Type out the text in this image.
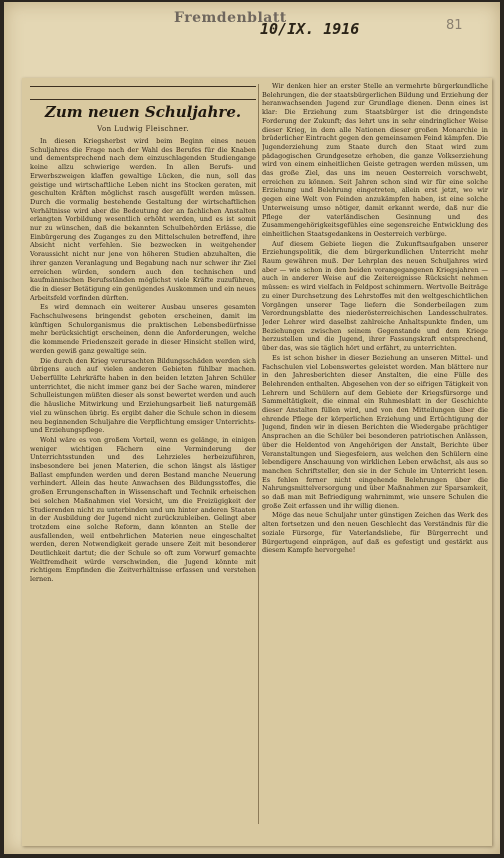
Fremdenblatt
10/IX. 1916	81
Zum neuen Schuljahre.
Von Ludwig Fleischner.

In diesen Kriegsherbst wird beim Beginn eines neuen Schuljahres die Frage nach der Wahl des Berufes für die Knaben und dementsprechend nach dem einzuschlagenden Studiengange keine allzu schwierige werden. In allen Berufs- und Erwerbszweigen klaffen gewaltige Lücken, die nun, soll das geistige und wirtschaftliche Leben nicht ins Stocken geraten, mit geschulten Kräften möglichst rasch ausgefüllt werden müssen. Durch die vormalig bestehende Gestaltung der wirtschaftlichen Verhältnisse wird aber die Bedeutung der an fachlichen Anstalten erlangten Vorbildung wesentlich erhöht werden, und es ist somit nur zu wünschen, daß die bekannten Schulbehörden Erlässe, die Einbürgerung des Zuganges zu den Mittelschulen betreffend, ihre Absicht nicht verfehlen. Sie bezwecken in weitgehender Voraussicht nicht nur jene von höheren Studien abzuhalten, die ihrer ganzen Veranlagung und Begabung nach nur schwer ihr Ziel erreichen würden, sondern auch den technischen und kaufmännischen Berufsständen möglichst viele Kräfte zuzuführen, die in dieser Betätigung ein genügendes Auskommen und ein neues Arbeitsfeld vorfinden dürften.

Es wird demnach ein weiterer Ausbau unseres gesamten Fachschulwesens bringendst geboten erscheinen, damit im künftigen Schulorganismus die praktischen Lebensbedürfnisse mehr berücksichtigt erscheinen, denn die Anforderungen, welche die kommende Friedenszeit gerade in dieser Hinsicht stellen wird, werden gewiß ganz gewaltige sein.

Die durch den Krieg verursachten Bildungsschäden werden sich übrigens auch auf vielen anderen Gebieten fühlbar machen. Ueberfüllte Lehrkräfte haben in den beiden letzten Jahren Schüler unterrichtet, die nicht immer ganz bei der Sache waren, minderer Schulleistungen müßten dieser als sonst bewertet werden und auch die häusliche Mitwirkung und Erziehungsarbeit ließ naturgemäß viel zu wünschen übrig. Es ergibt daher die Schule schon in diesem neu beginnenden Schuljahre die Verpflichtung emsiger Unterrichts- und Erziehungspflege.

Wohl wäre es von großem Vorteil, wenn es gelänge, in einigen weniger wichtigen Fächern eine Verminderung der Unterrichtsstunden und des Lehrzieles herbeizuführen, insbesondere bei jenen Materien, die schon längst als lästiger Ballast empfunden werden und deren Bestand manche Neuerung verhindert. Allein das heute Anwachsen des Bildungsstoffes, die großen Errungenschaften in Wissenschaft und Technik erheischen bei solchen Maßnahmen viel Vorsicht, um die Freizügigkeit der Studierenden nicht zu unterbinden und um hinter anderen Staaten in der Ausbildung der Jugend nicht zurückzubleiben. Gelingt aber trotzdem eine solche Reform, dann könnten an Stelle der ausfallenden, weil entbehrlichen Materien neue eingeschaltet werden, deren Notwendigkeit gerade unsere Zeit mit besonderer Deutlichkeit dartut; die der Schule so oft zum Vorwurf gemachte Weltfremdheit würde verschwinden, die Jugend könnte mit richtigem Empfinden die Zeitverhältnisse erfassen und verstehen lernen.

Wir denken hier an erster Stelle an vermehrte bürgerkundliche Belehrungen, die der staatsbürgerlichen Bildung und Erziehung der heranwachsenden Jugend zur Grundlage dienen. Denn eines ist klar: Die Erziehung zum Staatsbürger ist die dringendste Forderung der Zukunft; das lehrt uns in sehr eindringlicher Weise dieser Krieg, in dem alle Nationen dieser großen Monarchie in brüderlicher Eintracht gegen den gemeinsamen Feind kämpfen. Die Jugenderziehung zum Staate durch den Staat wird zum pädagogischen Grundgesetze erhoben, die ganze Volkserziehung wird von einem einheitlichen Geiste getragen werden müssen, um das große Ziel, das uns im neuen Oesterreich vorschwebt, erreichen zu können. Seit Jahren schon sind wir für eine solche Erziehung und Belehrung eingetreten, allein erst jetzt, wo wir gegen eine Welt von Feinden anzukämpfen haben, ist eine solche Unterweisung umso nötiger, damit erkannt werde, daß nur die Pflege der vaterländischen Gesinnung und des Zusammengehörigkeitsgefühles eine segensreiche Entwicklung des einheitlichen Staatsgedankens in Oesterreich verbürge.

Auf diesem Gebiete liegen die Zukunftsaufgaben unserer Erziehungspolitik, die dem bürgerkundlichen Unterricht mehr Raum gewähren muß. Der Lehrplan des neuen Schuljahres wird aber — wie schon in den beiden vorangegangenen Kriegsjahren — auch in anderer Weise auf die Zeitereignisse Rücksicht nehmen müssen: es wird vielfach in Feldpost schimmern. Wertvolle Beiträge zu einer Durchsetzung des Lehrstoffes mit den weltgeschichtlichen Vorgängen unserer Tage liefern die Sonderbeilagen zum Verordnungsblatte des niederösterreichischen Landesschulrates. Jeder Lehrer wird daselbst zahlreiche Anhaltspunkte finden, um Beziehungen zwischen seinem Gegenstande und dem Kriege herzustellen und die Jugend, ihrer Fassungskraft entsprechend, über das, was sie täglich hört und erfährt, zu unterrichten.

Es ist schon bisher in dieser Beziehung an unseren Mittel- und Fachschulen viel Lobenswertes geleistet worden. Man blättere nur in den Jahresberichten dieser Anstalten, die eine Fülle des Belehrenden enthalten. Abgesehen von der so eifrigen Tätigkeit von Lehrern und Schülern auf dem Gebiete der Kriegsfürsorge und Sammeltätigkeit, die einmal ein Ruhmesblatt in der Geschichte dieser Anstalten füllen wird, und von den Mitteilungen über die ehrende Pflege der körperlichen Erziehung und Ertüchtigung der Jugend, finden wir in diesen Berichten die Wiedergabe prächtiger Ansprachen an die Schüler bei besonderen patriotischen Anlässen, über die Heldentod von Angehörigen der Anstalt, Berichte über Veranstaltungen und Siegesfeiern, aus welchen den Schülern eine lebendigere Anschauung von wirklichen Leben erwächst, als aus so manchen Schriftsteller, den sie in der Schule im Unterricht lesen. Es fehlen ferner nicht eingehende Belehrungen über die Nahrungsmittelversorgung und über Maßnahmen zur Sparsamkeit, so daß man mit Befriedigung wahrnimmt, wie unsere Schulen die große Zeit erfassen und ihr willig dienen.

Möge das neue Schuljahr unter günstigen Zeichen das Werk des alten fortsetzen und den neuen Geschlecht das Verständnis für die soziale Fürsorge, für Vaterlandsliebe, für Bürgerrecht und Bürgertugend einprägen, auf daß es gefestigt und gestärkt aus diesem Kampfe hervorgehe!
